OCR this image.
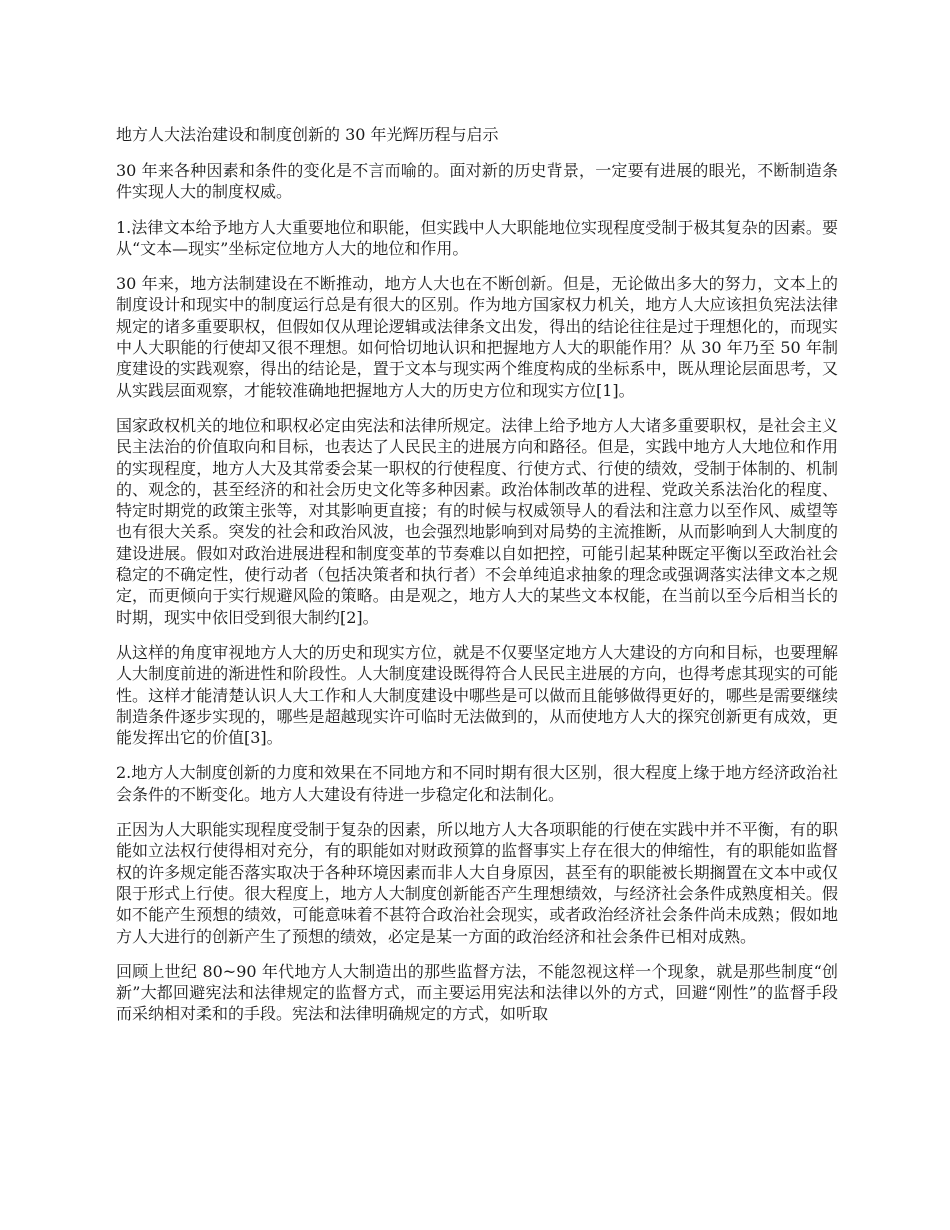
地方人大法治建设和制度创新的 30 年光辉历程与启示

30 年来各种因素和条件的变化是不言而喻的。面对新的历史背景，一定要有进展的眼光，不断制造条件实现人大的制度权威。

1.法律文本给予地方人大重要地位和职能，但实践中人大职能地位实现程度受制于极其复杂的因素。要从“文本—现实”坐标定位地方人大的地位和作用。

30 年来，地方法制建设在不断推动，地方人大也在不断创新。但是，无论做出多大的努力，文本上的制度设计和现实中的制度运行总是有很大的区别。作为地方国家权力机关，地方人大应该担负宪法法律规定的诸多重要职权，但假如仅从理论逻辑或法律条文出发，得出的结论往往是过于理想化的，而现实中人大职能的行使却又很不理想。如何恰切地认识和把握地方人大的职能作用？从 30 年乃至 50 年制度建设的实践观察，得出的结论是，置于文本与现实两个维度构成的坐标系中，既从理论层面思考，又从实践层面观察，才能较准确地把握地方人大的历史方位和现实方位[1]。

国家政权机关的地位和职权必定由宪法和法律所规定。法律上给予地方人大诸多重要职权，是社会主义民主法治的价值取向和目标，也表达了人民民主的进展方向和路径。但是，实践中地方人大地位和作用的实现程度，地方人大及其常委会某一职权的行使程度、行使方式、行使的绩效，受制于体制的、机制的、观念的，甚至经济的和社会历史文化等多种因素。政治体制改革的进程、党政关系法治化的程度、特定时期党的政策主张等，对其影响更直接；有的时候与权威领导人的看法和注意力以至作风、威望等也有很大关系。突发的社会和政治风波，也会强烈地影响到对局势的主流推断，从而影响到人大制度的建设进展。假如对政治进展进程和制度变革的节奏难以自如把控，可能引起某种既定平衡以至政治社会稳定的不确定性，使行动者（包括决策者和执行者）不会单纯追求抽象的理念或强调落实法律文本之规定，而更倾向于实行规避风险的策略。由是观之，地方人大的某些文本权能，在当前以至今后相当长的时期，现实中依旧受到很大制约[2]。

从这样的角度审视地方人大的历史和现实方位，就是不仅要坚定地方人大建设的方向和目标，也要理解人大制度前进的渐进性和阶段性。人大制度建设既得符合人民民主进展的方向，也得考虑其现实的可能性。这样才能清楚认识人大工作和人大制度建设中哪些是可以做而且能够做得更好的，哪些是需要继续制造条件逐步实现的，哪些是超越现实许可临时无法做到的，从而使地方人大的探究创新更有成效，更能发挥出它的价值[3]。

2.地方人大制度创新的力度和效果在不同地方和不同时期有很大区别，很大程度上缘于地方经济政治社会条件的不断变化。地方人大建设有待进一步稳定化和法制化。

正因为人大职能实现程度受制于复杂的因素，所以地方人大各项职能的行使在实践中并不平衡，有的职能如立法权行使得相对充分，有的职能如对财政预算的监督事实上存在很大的伸缩性，有的职能如监督权的许多规定能否落实取决于各种环境因素而非人大自身原因，甚至有的职能被长期搁置在文本中或仅限于形式上行使。很大程度上，地方人大制度创新能否产生理想绩效，与经济社会条件成熟度相关。假如不能产生预想的绩效，可能意味着不甚符合政治社会现实，或者政治经济社会条件尚未成熟；假如地方人大进行的创新产生了预想的绩效，必定是某一方面的政治经济和社会条件已相对成熟。

回顾上世纪 80~90 年代地方人大制造出的那些监督方法，不能忽视这样一个现象，就是那些制度“创新”大都回避宪法和法律规定的监督方式，而主要运用宪法和法律以外的方式，回避“刚性”的监督手段而采纳相对柔和的手段。宪法和法律明确规定的方式，如听取
